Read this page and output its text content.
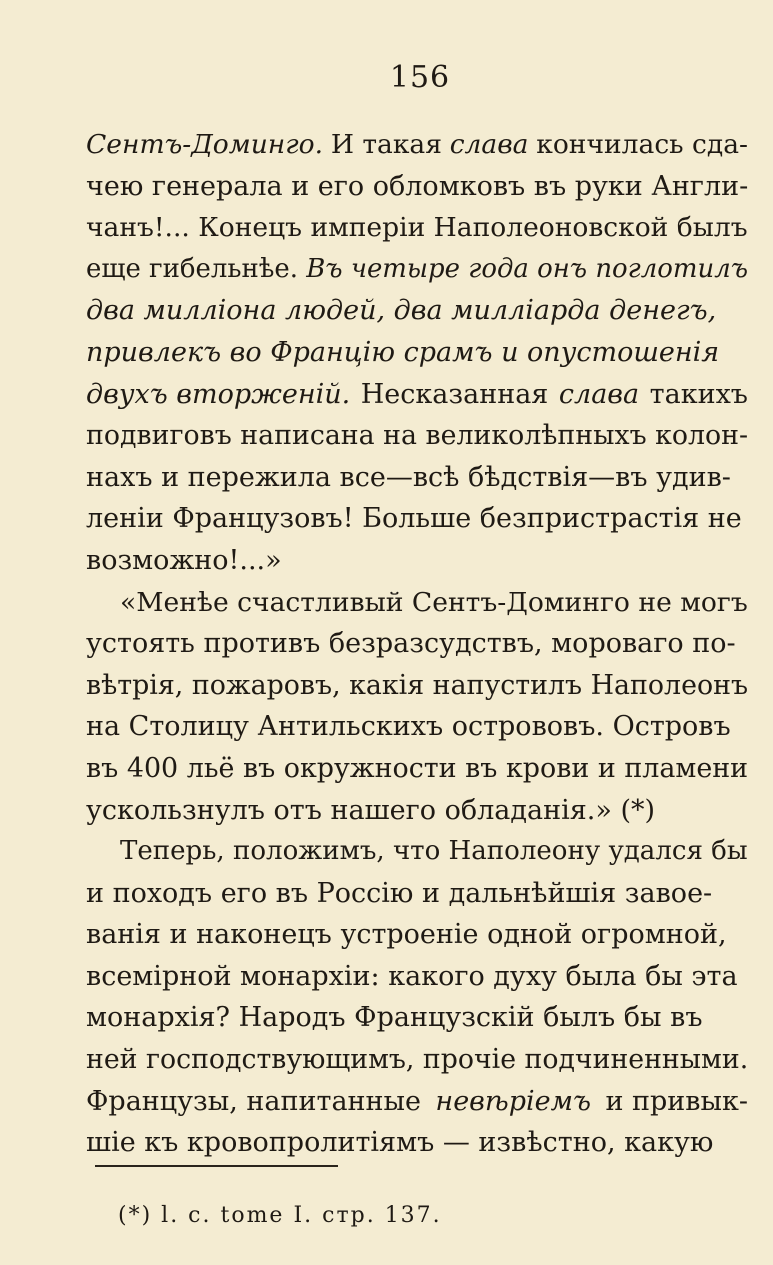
156
Сентъ-Доминго. И такая слава кончилась сда-
чею генерала и его обломковъ въ руки Англи-
чанъ!... Конецъ имперіи Наполеоновской былъ
еще гибельнѣе. Въ четыре года онъ поглотилъ
два милліона людей, два милліарда денегъ,
привлекъ во Францію срамъ и опустошенія
двухъ вторженій. Несказанная слава такихъ
подвиговъ написана на великолѣпныхъ колон-
нахъ и пережила все—всѣ бѣдствія—въ удив-
леніи Французовъ! Больше безпристрастія не
возможно!...»
«Менѣе счастливый Сентъ-Доминго не могъ
устоять противъ безразсудствъ, мороваго по-
вѣтрія, пожаровъ, какія напустилъ Наполеонъ
на Столицу Антильскихъ острововъ. Островъ
въ 400 льё въ окружности въ крови и пламени
ускользнулъ отъ нашего обладанія.» (*)
Теперь, положимъ, что Наполеону удался бы
и походъ его въ Россію и дальнѣйшія завое-
ванія и наконецъ устроеніе одной огромной,
всемірной монархіи: какого духу была бы эта
монархія? Народъ Французскій былъ бы въ
ней господствующимъ, прочіе подчиненными.
Французы, напитанные невѣріемъ и привык-
шіе къ кровопролитіямъ — извѣстно, какую
(*) l. c. tome I. стр. 137.
